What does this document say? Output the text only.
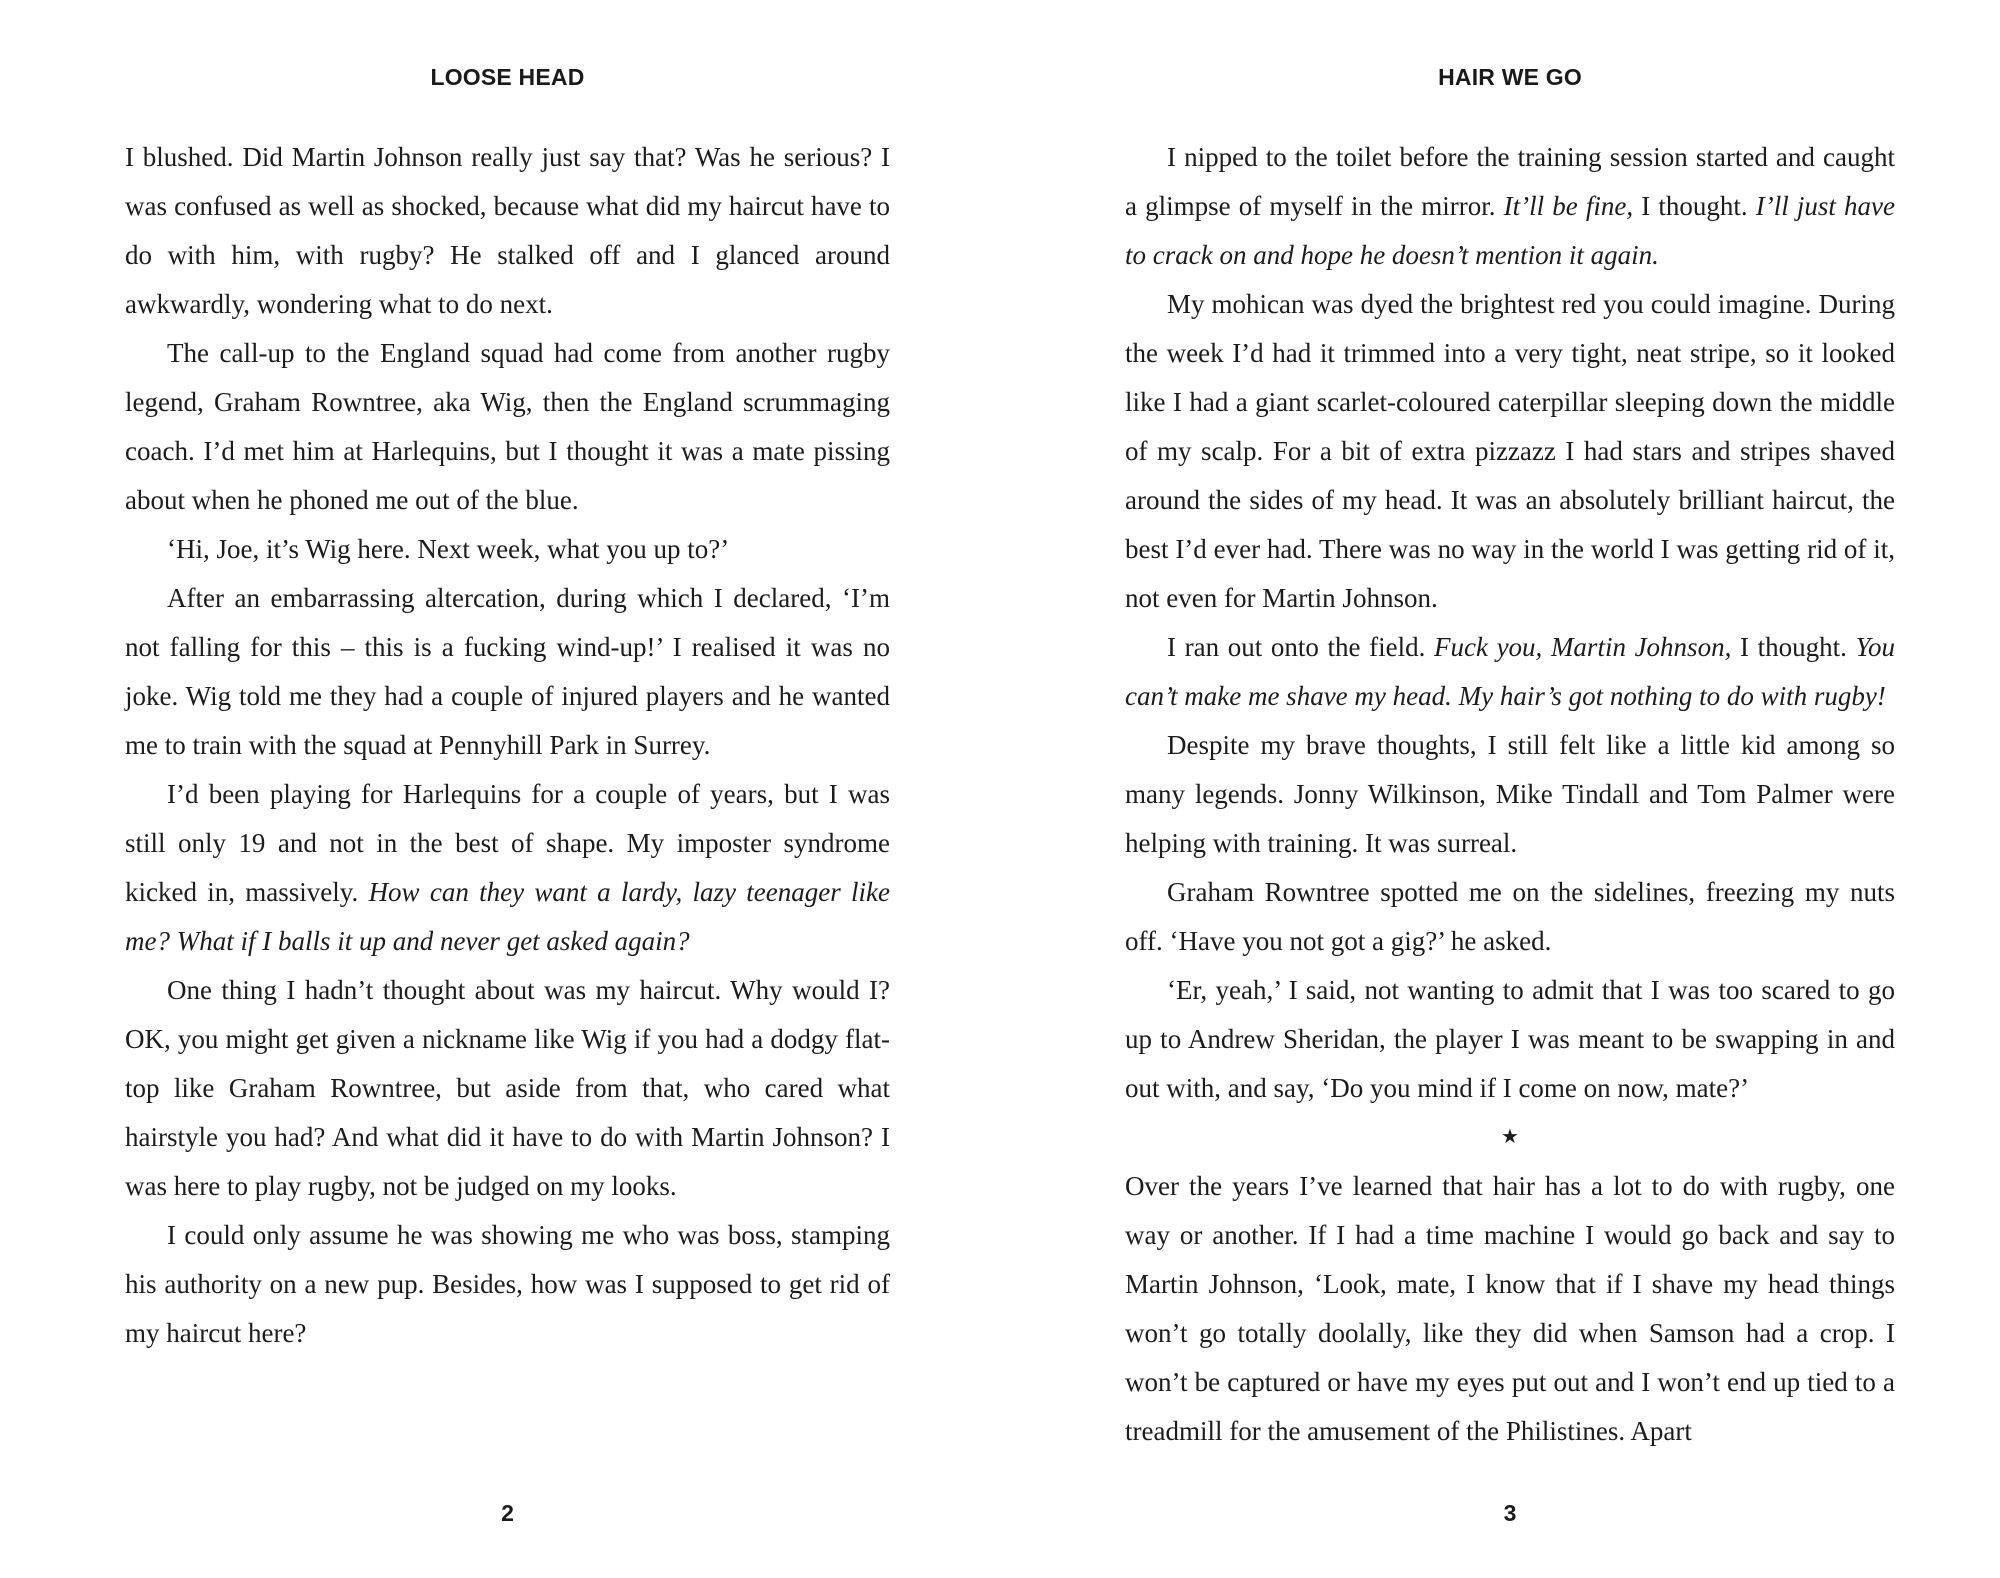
LOOSE HEAD

I blushed. Did Martin Johnson really just say that? Was he serious? I was confused as well as shocked, because what did my haircut have to do with him, with rugby? He stalked off and I glanced around awkwardly, wondering what to do next.

The call-up to the England squad had come from another rugby legend, Graham Rowntree, aka Wig, then the England scrummaging coach. I’d met him at Harlequins, but I thought it was a mate pissing about when he phoned me out of the blue.

‘Hi, Joe, it’s Wig here. Next week, what you up to?’

After an embarrassing altercation, during which I declared, ‘I’m not falling for this – this is a fucking wind-up!’ I realised it was no joke. Wig told me they had a couple of injured players and he wanted me to train with the squad at Pennyhill Park in Surrey.

I’d been playing for Harlequins for a couple of years, but I was still only 19 and not in the best of shape. My imposter syndrome kicked in, massively. How can they want a lardy, lazy teenager like me? What if I balls it up and never get asked again?

One thing I hadn’t thought about was my haircut. Why would I? OK, you might get given a nickname like Wig if you had a dodgy flat-top like Graham Rowntree, but aside from that, who cared what hairstyle you had? And what did it have to do with Martin Johnson? I was here to play rugby, not be judged on my looks.

I could only assume he was showing me who was boss, stamping his authority on a new pup. Besides, how was I supposed to get rid of my haircut here?

2
HAIR WE GO

I nipped to the toilet before the training session started and caught a glimpse of myself in the mirror. It’ll be fine, I thought. I’ll just have to crack on and hope he doesn’t mention it again.

My mohican was dyed the brightest red you could imagine. During the week I’d had it trimmed into a very tight, neat stripe, so it looked like I had a giant scarlet-coloured caterpillar sleeping down the middle of my scalp. For a bit of extra pizzazz I had stars and stripes shaved around the sides of my head. It was an absolutely brilliant haircut, the best I’d ever had. There was no way in the world I was getting rid of it, not even for Martin Johnson.

I ran out onto the field. Fuck you, Martin Johnson, I thought. You can’t make me shave my head. My hair’s got nothing to do with rugby!

Despite my brave thoughts, I still felt like a little kid among so many legends. Jonny Wilkinson, Mike Tindall and Tom Palmer were helping with training. It was surreal.

Graham Rowntree spotted me on the sidelines, freezing my nuts off. ‘Have you not got a gig?’ he asked.

‘Er, yeah,’ I said, not wanting to admit that I was too scared to go up to Andrew Sheridan, the player I was meant to be swapping in and out with, and say, ‘Do you mind if I come on now, mate?’

★

Over the years I’ve learned that hair has a lot to do with rugby, one way or another. If I had a time machine I would go back and say to Martin Johnson, ‘Look, mate, I know that if I shave my head things won’t go totally doolally, like they did when Samson had a crop. I won’t be captured or have my eyes put out and I won’t end up tied to a treadmill for the amusement of the Philistines. Apart

3
